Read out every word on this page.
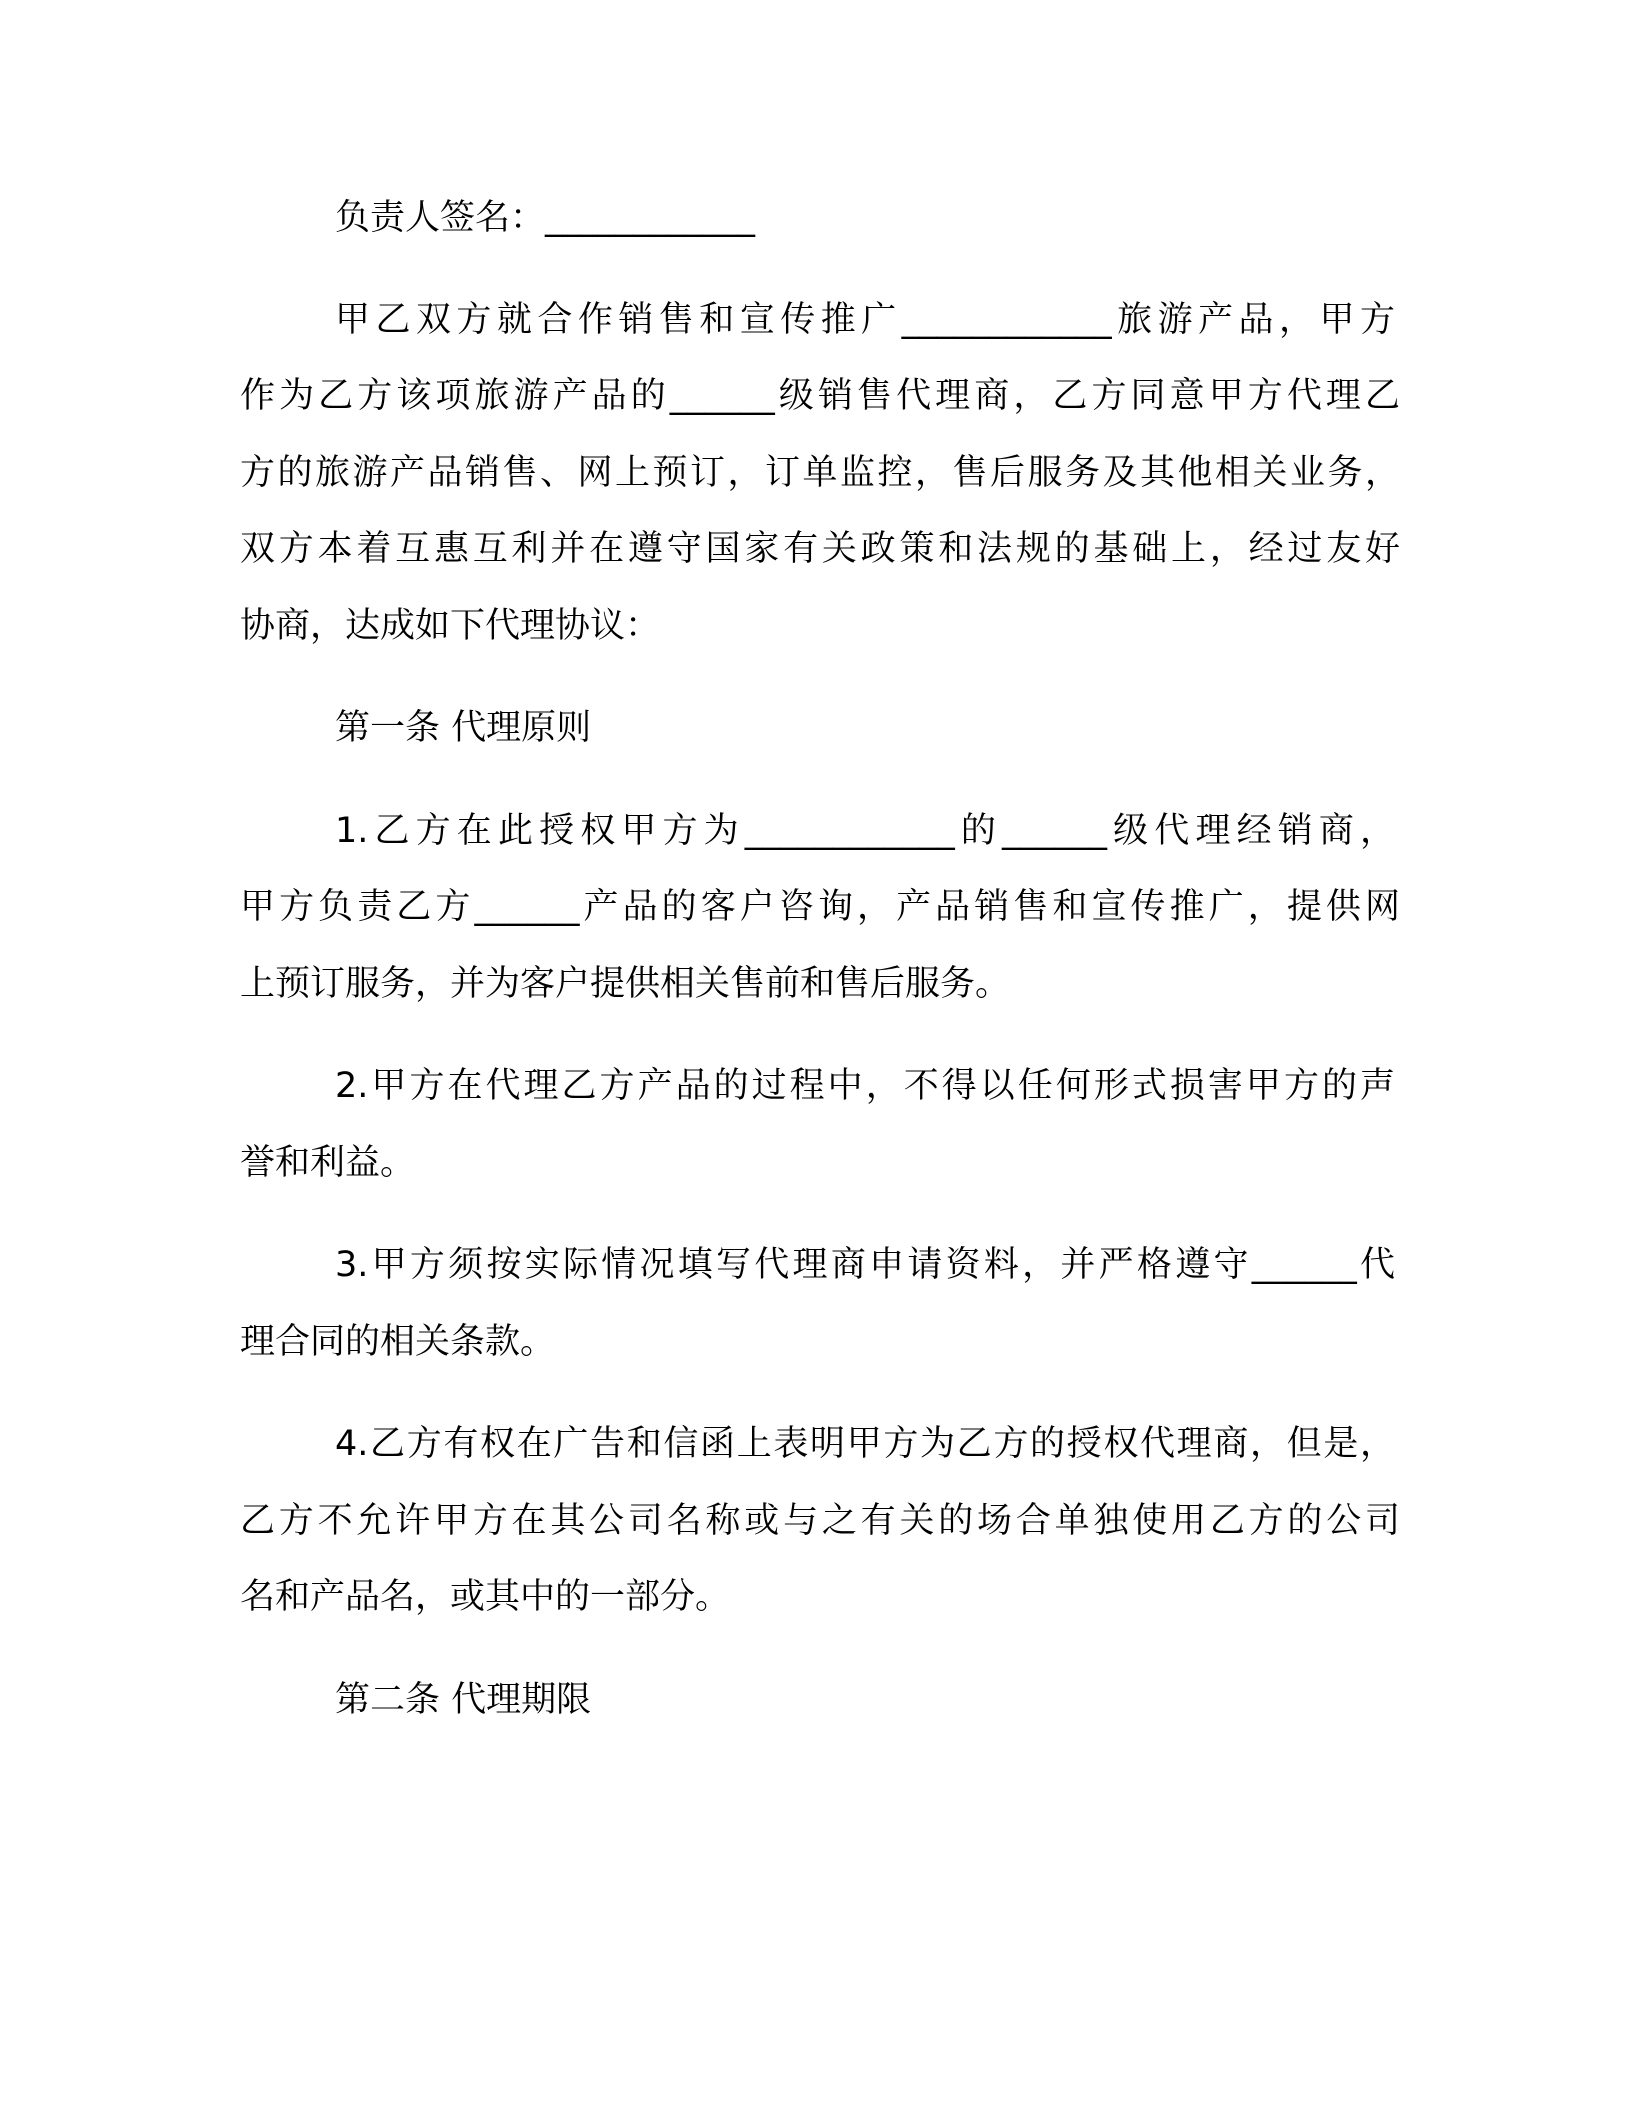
负责人签名：____________
甲乙双方就合作销售和宣传推广____________旅游产品，甲方
作为乙方该项旅游产品的______级销售代理商，乙方同意甲方代理乙
方的旅游产品销售、网上预订，订单监控，售后服务及其他相关业务，
双方本着互惠互利并在遵守国家有关政策和法规的基础上，经过友好
协商，达成如下代理协议：
第一条 代理原则
1.乙方在此授权甲方为____________的______级代理经销商，
甲方负责乙方______产品的客户咨询，产品销售和宣传推广，提供网
上预订服务，并为客户提供相关售前和售后服务。
2.甲方在代理乙方产品的过程中，不得以任何形式损害甲方的声
誉和利益。
3.甲方须按实际情况填写代理商申请资料，并严格遵守______代
理合同的相关条款。
4.乙方有权在广告和信函上表明甲方为乙方的授权代理商，但是，
乙方不允许甲方在其公司名称或与之有关的场合单独使用乙方的公司
名和产品名，或其中的一部分。
第二条 代理期限
